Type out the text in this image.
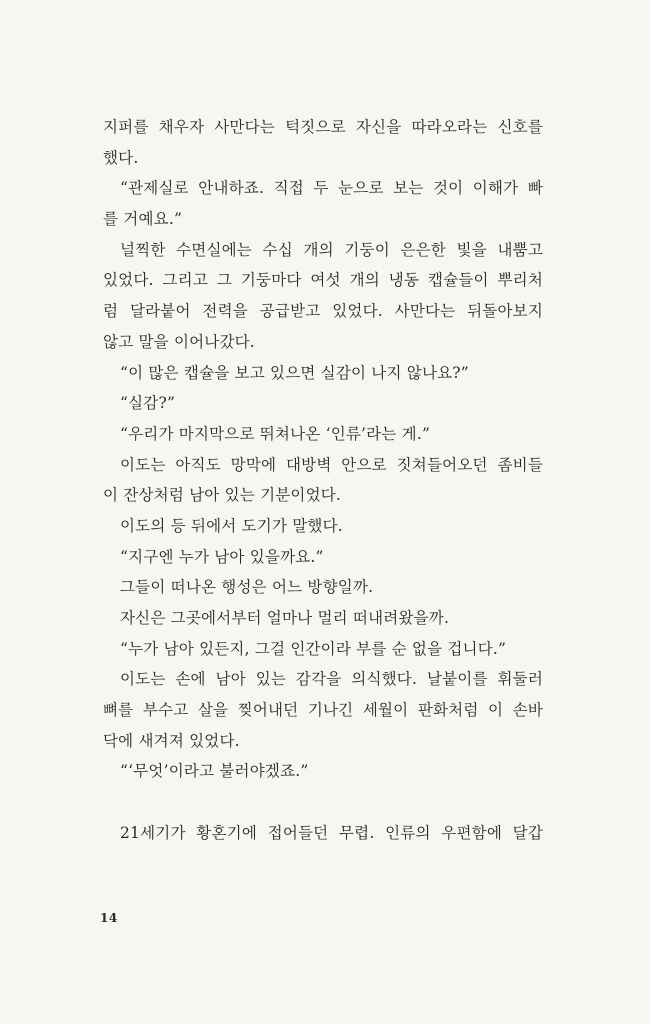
지퍼를 채우자 사만다는 턱짓으로 자신을 따라오라는 신호를
했다.
“관제실로 안내하죠. 직접 두 눈으로 보는 것이 이해가 빠
를 거예요.”
널찍한 수면실에는 수십 개의 기둥이 은은한 빛을 내뿜고
있었다. 그리고 그 기둥마다 여섯 개의 냉동 캡슐들이 뿌리처
럼 달라붙어 전력을 공급받고 있었다. 사만다는 뒤돌아보지
않고 말을 이어나갔다.
“이 많은 캡슐을 보고 있으면 실감이 나지 않나요?”
“실감?”
“우리가 마지막으로 뛰쳐나온 ‘인류’라는 게.”
이도는 아직도 망막에 대방벽 안으로 짓쳐들어오던 좀비들
이 잔상처럼 남아 있는 기분이었다.
이도의 등 뒤에서 도기가 말했다.
“지구엔 누가 남아 있을까요.”
그들이 떠나온 행성은 어느 방향일까.
자신은 그곳에서부터 얼마나 멀리 떠내려왔을까.
“누가 남아 있든지, 그걸 인간이라 부를 순 없을 겁니다.”
이도는 손에 남아 있는 감각을 의식했다. 날붙이를 휘둘러
뼈를 부수고 살을 찢어내던 기나긴 세월이 판화처럼 이 손바
닥에 새겨져 있었다.
“‘무엇’이라고 불러야겠죠.”
21세기가 황혼기에 접어들던 무렵. 인류의 우편함에 달갑
14
